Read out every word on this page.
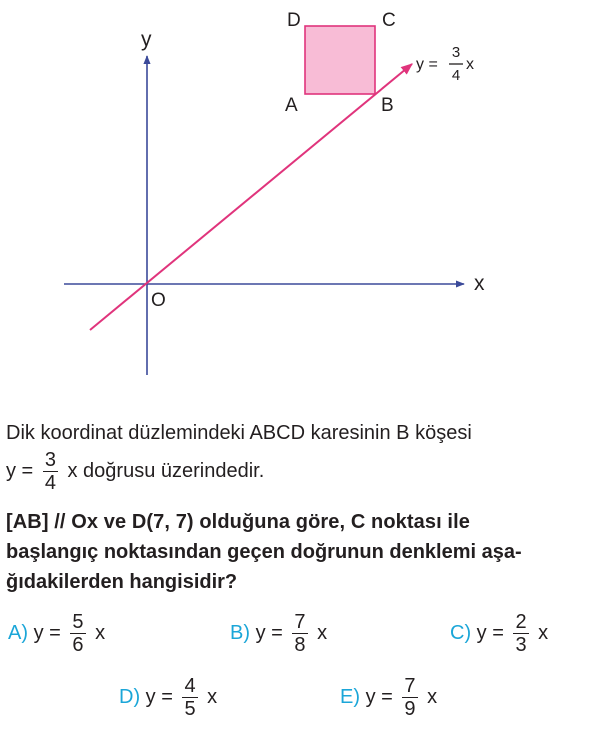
y
x
O
D	C
A	B
y =
3
4
x
Dik koordinat düzlemindeki ABCD karesinin B köşesi
$y = \frac{3}{4}$ x doğrusu üzerindedir.
[AB] // Ox ve D(7, 7) olduğuna göre, C noktası ile
başlangıç noktasından geçen doğrunun denklemi aşa-
ğıdakilerden hangisidir?
A) $y = \frac{5}{6}$ x	B) $y = \frac{7}{8}$ x	C) $y = \frac{2}{3}$ x
D) $y = \frac{4}{5}$ x	E) $y = \frac{7}{9}$ x
